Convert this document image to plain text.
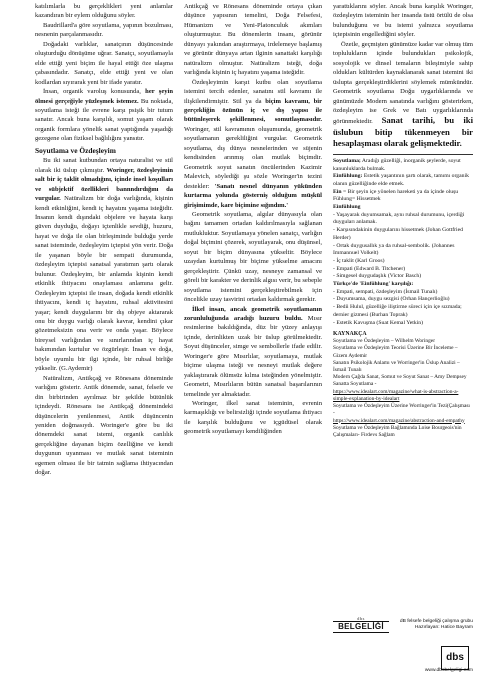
katılımlarla bu gerçeklikleri yeni anlamlar kazandıran bir eylem olduğunu söyler.

Baudrillard'a göre soyutlama, yapının bozulması, nesnenin parçalanmasıdır.

Doğadaki varlıklar, sanatçının düşüncesinde oluşturduğu dönüşüme uğrar. Sanatçı, soyutlamayla elde ettiği yeni biçim ile hayal ettiği öze ulaşma çabasındadır. Sanatçı, elde ettiği yeni ve olan kodlardan sıyırarak yeni bir ifade yaratır.

İnsan, organik varoluş konusunda, her şeyin ölmesi gerçeğiyle yüzleşmek istemez. Bu noktada, soyutlama isteği ile evrene karşı psişik bir tutum sanatır. Ancak buna karşılık, somut yaşam olarak organik formlara yönelik sanat yaptığında yaşadığı gezegene olan fiziksel bağlılığını yansıtır.

Soyutlama ve Özdeşleyim

Bu iki sanat kutbundan ortaya naturalist ve stil olarak iki üslup çıkmıştır. Woringer, özdeşleyimin salt bir iç taklit olmadığını, içinde insel koşulları ve sübjektif özellikleri bannndırdığını da vurgular. Natüralizm bir doğa varlığında, kişinin kendi etkinliğini, kendi iç hayatını yaşama isteğidir. İnsanın kendi dışındaki objelere ve hayata karşı güven duyduğu, doğayı içtenlikle sevdiği, huzuru, hayat ve doğa ile olan birleşiminde bulduğu yerde sanat isteminde, özdeşleyim içtepisi yön verir. Doğa ile yaşanan böyle bir sempati durumunda, özdeşleyim içtepisi sanatsal yaratımın şartı olarak bulunur. Özdeşleyim, bir anlamda kişinin kendi etkinlik ihtiyacını onaylaması anlamına gelir. Özdeşleyim içtepisi ile insan, doğada kendi etkinlik ihtiyacını, kendi iç hayatını, ruhsal aktivitesini yaşar; kendi duygularını bir dış objeye aktararak onu bir duygu varlığı olarak kavrar, kendini çıkar gözetmeksizin ona verir ve onda yaşar. Böylece bireysel varlığından ve sınırlarından iç hayat bakımından kurtulur ve özgürleşir. İnsan ve doğa, böyle uyumlu bir ilgi içinde, bir ruhsal birliğe yükselir. (G.Aydemir)

Natüralizm, Antikçağ ve Rönesans döneminde varlığını gösterir. Antik dönemde, sanat, felsefe ve din birbirinden ayrılmaz bir şekilde bütünlük içindeydi. Rönesans ise Antikçağ dönemindeki düşüncelerin yenilenmesi, Antik düşüncenin yeniden doğmasıydı. Woringer'e göre bu iki dönemdeki sanat istemi, organik canlılık gerçekliğine dayanan biçim özelliğine ve kendi duygunun uyanması ve mutlak sanat isteminin egemen olması ile bir tatmin sağlama ihtiyacından doğar.

Antikçağ ve Rönesans döneminde ortaya çıkan düşünce yapısının temelini, Doğa Felsefesi, Hümanizm ve Yeni-Platonculuk akımları oluşturmuştur. Bu dönemlerin insanı, görünür dünyayı yakından araştırmaya, irdelemeye başlamış ve görünür dünyaya artan ilginin sanattaki karşılığı natüralizm olmuştur. Natüralizm isteği, doğa varlığında kişinin iç hayatını yaşama isteğidir.

Özdeşleyimin karşıt kutbu olan soyutlama istemini tercih edenler, sanatını stil kavramı ile ilişkilendirmiştir. Stil ya da biçim kavramı, bir gerçekliğin özünün iç ve dış yapısı ile bütünleşerek şekillenmesi, somutlaşmasıdır. Woringer, stil kavramının oluşumunda, geometrik soyutlamanın gerekliliğini vurgular. Geometrik soyutlama, dış dünya nesnelerinden ve süjenin kendisinden arınmış olan mutlak biçimdir. Geometrik soyut sanatın öncülerinden Kazimir Malevich, söylediği şu sözle Woringer'in tezini destekler: 'Sanatı nesnel dünyanın yükünden kurtarma yolunda gösterniş olduğum müşkül girişimimde, kare biçimine sığındım.'

Geometrik soyutlama, algılar dünyasıyla olan bağını tamamen ortadan kaldırılmasıyla sağlanan mutlukluktur. Soyutlamaya yönelen sanatçı, varlığın doğal biçimini çözerek, soyutlayarak, onu düşünsel, soyut bir biçim dünyasına yükseltir. Böylece uzaydan kurtulmuş bir biçime yükselme amacını gerçekleştirir. Çünkü uzay, nesneye zamansal ve göreli bir karakter ve derinlik algısı verir, bu sebeple soyutlama istemini gerçekleştirebilmek için öncelikle uzay tasvirini ortadan kaldırmak gerekir.

İlkel insan, ancak geometrik soyutlamanın zorunluluğunda aradığı huzuru buldu. Mısır resimlerine bakıldığında, düz bir yüzey anlayışı içinde, derinlikten uzak bir üslup görülmektedir. Soyut düşünceler, simge ve sembollerle ifade edilir. Woringer'e göre Mısırlılar, soyutlamaya, mutlak biçime ulaşma isteği ve nesneyi mutlak değere yaklaştırarak ölümsüz kılma isteğinden yönelmiştir. Geometri, Mısırlıların bütün sanatsal başarılarının temelinde yer almaktadır.

Woringer, ilkel sanat isteminin, evrenin karmaşıklığı ve belirsizliği içinde soyutlama ihtiyacı ile karşılık bulduğunu ve içgüdüsel olarak geometrik soyutlamayı kendiliğinden

yarattıklarını söyler. Ancak buna karşılık Woringer, özdeşleyim isteminin her insanda üstü örtülü de olsa bulunduğunu ve bu istemi yalnızca soyutlama içtepisinin engellediğini söyler.

Özetle, geçmişten günümüze kadar var olmuş tüm toplulukların içinde bulundukları psikolojik, sosyolojik ve dinsel temaların bileşimiyle sahip oldukları kültürden kaynaklanarak sanat istemini iki üslupta gerçekleştirdiklerini söylemek mümkündür. Geometrik soyutlama Doğu uygarlıklarında ve günümüzde Modern sanatında varlığını gösterirken, özdeşleyim ise Grek ve Batı uygarlıklarında görünmektedir. Sanat tarihi, bu iki üslubun bitip tükenmeyen bir hesaplaşması olarak gelişmektedir.

Soyutlama; Aradığı güzelliği, inorganik şeylerde, soyut kanunluklarda bulmak.

Einfühlung: Estetik yaşantının şartı olarak, tamımı organik olanın güzelliğinde elde etmek.

Ein = Bir şeyin içe yönelen hareketi ya da içinde olușu Fühlung= Hissetmek

Einfühlung

- Yaşayarak duyumsamak, aynı ruhsal durumunu, içerdiği duyguları anlamak.

- Karşısındakinin duygularını hissetmek (Johan Gottfried Herder)

- Ortak duygusallık ya da ruhsal-sembolik. (Johannes Immannuel Volkelt)

- İç taklit (Karl Groos)

- Empati (Edward B. Titchener)

- Simgesel duygudaşlık (Victor Basch)

Türkçe'de 'Einfühlung' karşılığı:

- Empati, sempati, özdeşleyim (İsmail Tunalı)

- Duyumsama, duygu sezgisi (Orhan Hançerlioğlu)

- Bedii Hulul, güzelliğe iliştirme süreci için içe sızmada; dernier gizmesi (Burhan Toprak)

- Estetik Kavuşma (Suat Kemal Yetkin)

KAYNAKÇA

Soyutlama ve Özdeşleyim – Wilhelm Woringer

Soyutlama ve Özdeşleyim Teorisi Üzerine Bir İnceleme – Gizem Aydemir

Sanatın Psikolojik Anlamı ve Worringer'in Üslup Analizi – İsmail Tunalı

Modern Çağda Sanat, Somut ve Soyut Sanat – Amy Dempsey

Sanatta Soyutlama -

https://www.idealart.com/magazine/what-is-abstraction-a-simple-explanation-by-idealart

Soyutlama ve Özdeşleyim Üzerine Worringer'in Tezi(Çalışması -

https://www.idealart.com/magazine/abstraction-and-empathy

Soyutlama ve Özdeşleyim Bağlamında Loise Bourgeois'nin Çalışmaları- Firdevs Sağlam

dbs
BELGELİĞİ
dB felsefe belgeliği çalışma grubu
Hazırlayan: Hatice Bayram
dbs
www.dbsbelgeligi.com
